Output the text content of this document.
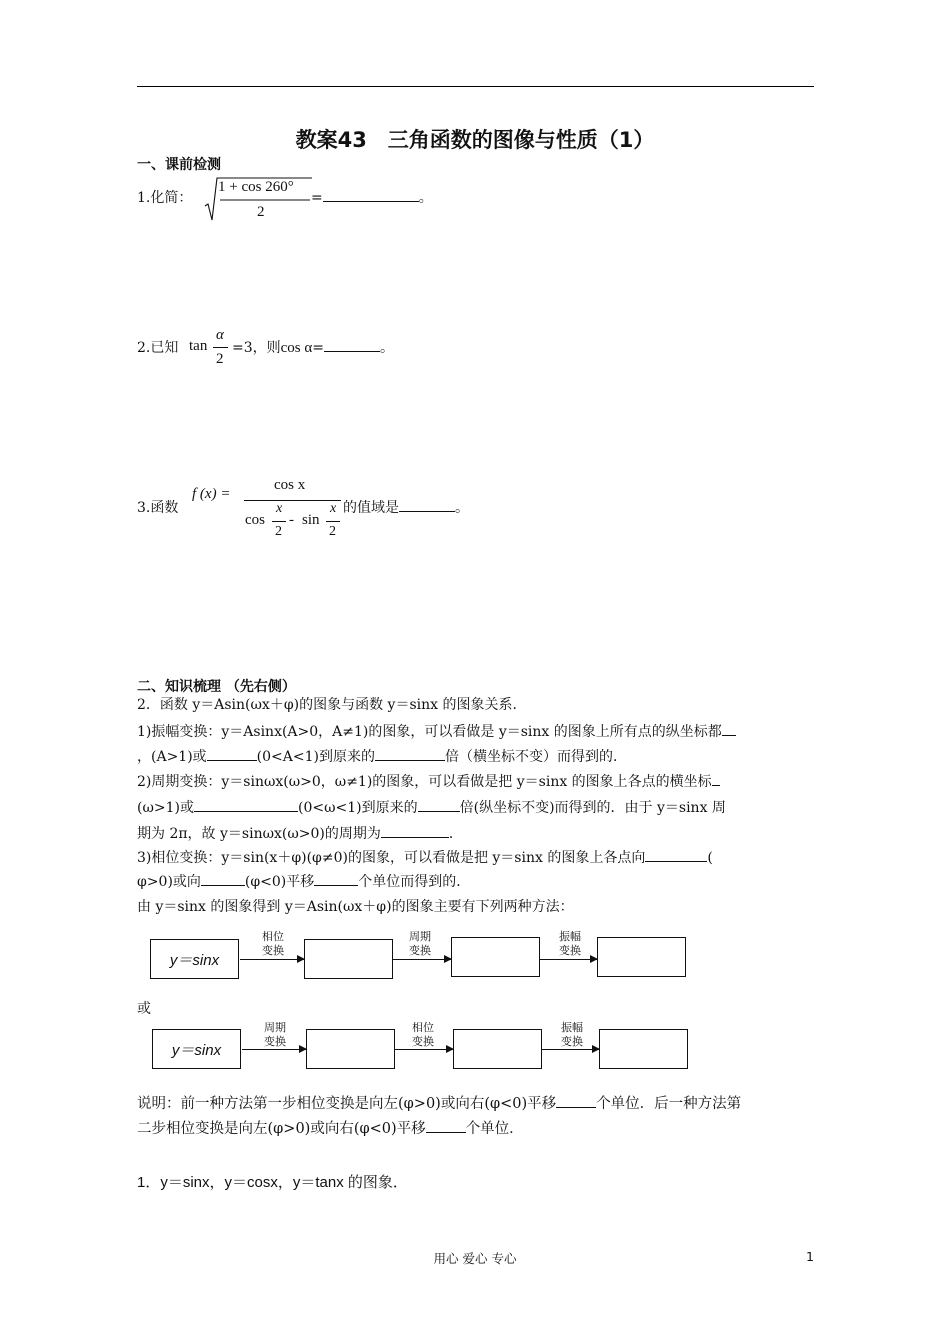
教案43　三角函数的图像与性质（1）
一、课前检测
1.化简：
1 + cos 260°
2
=	。
2.已知 tan
α
2
=3，则cos α=	。
3.函数
f (x) =
cos x
cos
x
2
- sin
x
2
的值域是	。
二、知识梳理 （先右侧）
2．函数 y＝Asin(ωx＋φ)的图象与函数 y＝sinx 的图象关系．
1)振幅变换：y＝Asinx(A>0，A≠1)的图象，可以看做是 y＝sinx 的图象上所有点的纵坐标都
，(A>1)或	(0<A<1)到原来的	倍（横坐标不变）而得到的．
2)周期变换：y＝sinωx(ω>0，ω≠1)的图象，可以看做是把 y＝sinx 的图象上各点的横坐标
(ω>1)或	(0<ω<1)到原来的	倍(纵坐标不变)而得到的．由于 y＝sinx 周
期为 2π，故 y＝sinωx(ω>0)的周期为	．
3)相位变换：y＝sin(x＋φ)(φ≠0)的图象，可以看做是把 y＝sinx 的图象上各点向	(
φ>0)或向	(φ<0)平移	个单位而得到的．
由 y＝sinx 的图象得到 y＝Asin(ωx＋φ)的图象主要有下列两种方法：
y＝sinx
相位
变换
周期
变换
振幅
变换
或
y＝sinx
周期
变换
相位
变换
振幅
变换
说明：前一种方法第一步相位变换是向左(φ>0)或向右(φ<0)平移	个单位．后一种方法第
二步相位变换是向左(φ>0)或向右(φ<0)平移	个单位．
1．y＝sinx，y＝cosx，y＝tanx 的图象．
用心 爱心 专心	1
